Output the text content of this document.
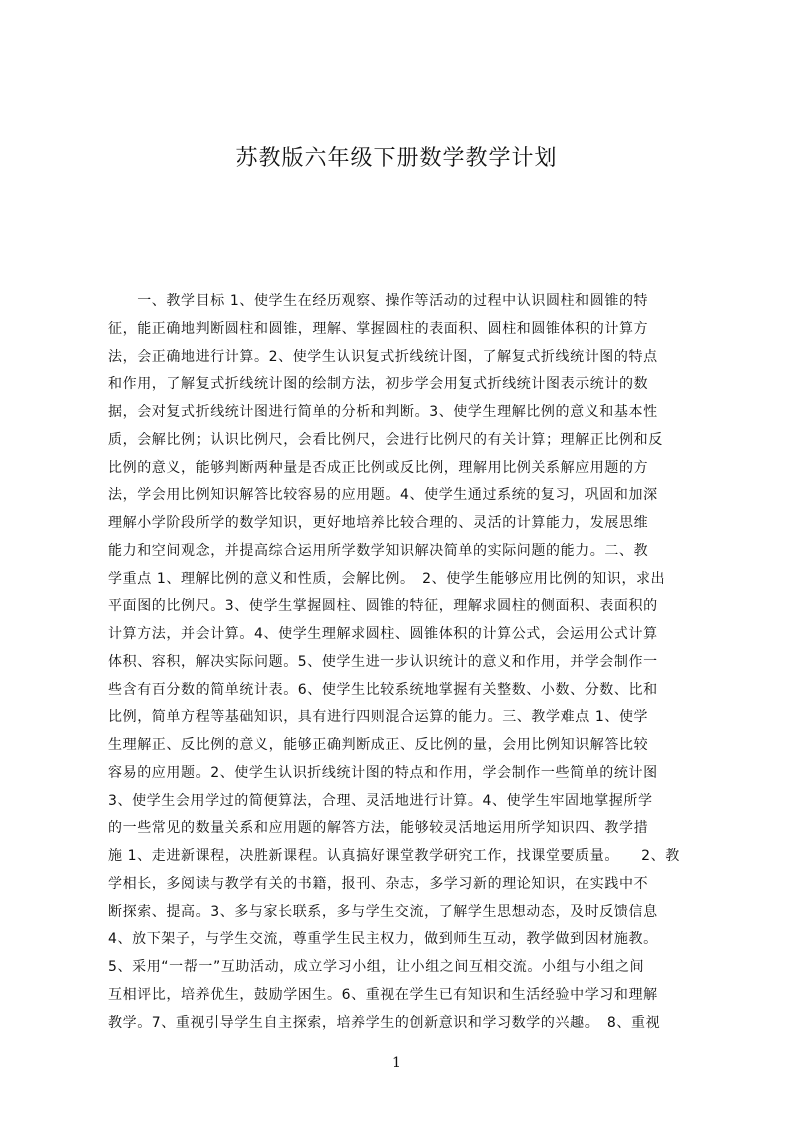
苏教版六年级下册数学教学计划
　　一、教学目标 1、使学生在经历观察、操作等活动的过程中认识圆柱和圆锥的特
征，能正确地判断圆柱和圆锥，理解、掌握圆柱的表面积、圆柱和圆锥体积的计算方
法，会正确地进行计算。2、使学生认识复式折线统计图，了解复式折线统计图的特点
和作用，了解复式折线统计图的绘制方法，初步学会用复式折线统计图表示统计的数
据，会对复式折线统计图进行简单的分析和判断。3、使学生理解比例的意义和基本性
质，会解比例；认识比例尺，会看比例尺，会进行比例尺的有关计算；理解正比例和反
比例的意义，能够判断两种量是否成正比例或反比例，理解用比例关系解应用题的方
法，学会用比例知识解答比较容易的应用题。4、使学生通过系统的复习，巩固和加深
理解小学阶段所学的数学知识，更好地培养比较合理的、灵活的计算能力，发展思维
能力和空间观念，并提高综合运用所学数学知识解决简单的实际问题的能力。二、教
学重点 1、理解比例的意义和性质，会解比例。　2、使学生能够应用比例的知识，求出
平面图的比例尺。3、使学生掌握圆柱、圆锥的特征，理解求圆柱的侧面积、表面积的
计算方法，并会计算。4、使学生理解求圆柱、圆锥体积的计算公式，会运用公式计算
体积、容积，解决实际问题。5、使学生进一步认识统计的意义和作用，并学会制作一
些含有百分数的简单统计表。6、使学生比较系统地掌握有关整数、小数、分数、比和
比例，简单方程等基础知识，具有进行四则混合运算的能力。三、教学难点 1、使学
生理解正、反比例的意义，能够正确判断成正、反比例的量，会用比例知识解答比较
容易的应用题。2、使学生认识折线统计图的特点和作用，学会制作一些简单的统计图
3、使学生会用学过的简便算法，合理、灵活地进行计算。4、使学生牢固地掌握所学
的一些常见的数量关系和应用题的解答方法，能够较灵活地运用所学知识四、教学措
施 1、走进新课程，决胜新课程。认真搞好课堂教学研究工作，找课堂要质量。　　2、教
学相长，多阅读与教学有关的书籍，报刊、杂志，多学习新的理论知识，在实践中不
断探索、提高。3、多与家长联系，多与学生交流，了解学生思想动态，及时反馈信息
4、放下架子，与学生交流，尊重学生民主权力，做到师生互动，教学做到因材施教。
5、采用“一帮一”互助活动，成立学习小组，让小组之间互相交流。小组与小组之间
互相评比，培养优生，鼓励学困生。6、重视在学生已有知识和生活经验中学习和理解
教学。7、重视引导学生自主探索，培养学生的创新意识和学习数学的兴趣。　8、重视
1
